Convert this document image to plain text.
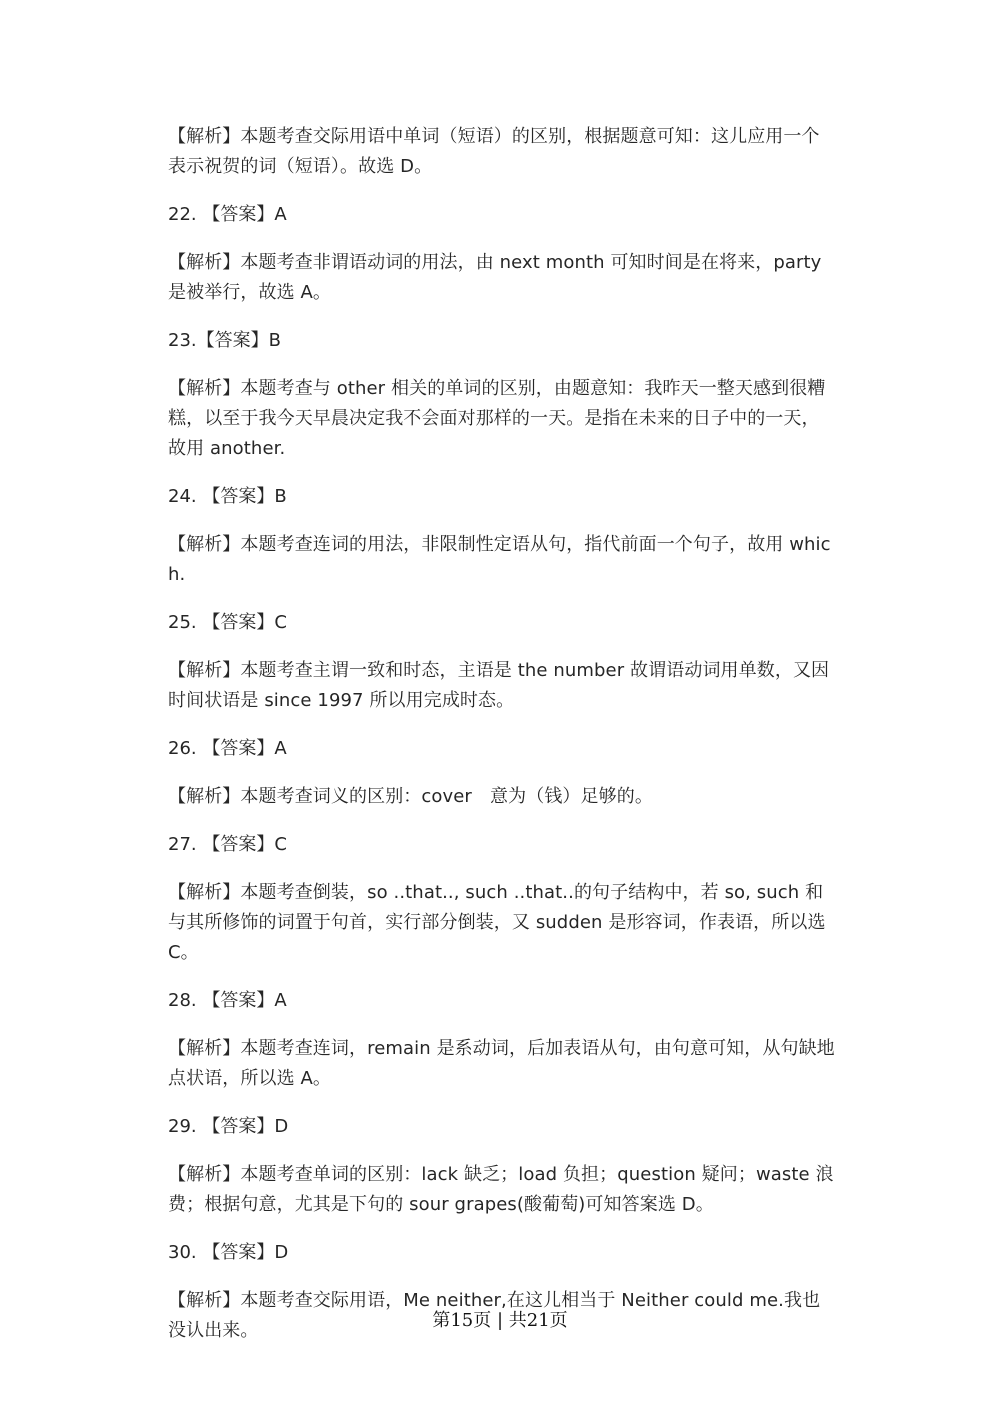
【解析】本题考查交际用语中单词（短语）的区别，根据题意可知：这儿应用一个表示祝贺的词（短语）。故选 D。

22. 【答案】A

【解析】本题考查非谓语动词的用法，由 next month 可知时间是在将来，party 是被举行，故选 A。

23.【答案】B

【解析】本题考查与 other 相关的单词的区别，由题意知：我昨天一整天感到很糟糕，以至于我今天早晨决定我不会面对那样的一天。是指在未来的日子中的一天，故用 another.

24. 【答案】B

【解析】本题考查连词的用法，非限制性定语从句，指代前面一个句子，故用 which.

25. 【答案】C

【解析】本题考查主谓一致和时态，主语是 the number 故谓语动词用单数，又因时间状语是 since 1997 所以用完成时态。

26. 【答案】A

【解析】本题考查词义的区别：cover　意为（钱）足够的。

27. 【答案】C

【解析】本题考查倒装，so ..that.., such ..that..的句子结构中，若 so, such 和与其所修饰的词置于句首，实行部分倒装，又 sudden 是形容词，作表语，所以选 C。

28. 【答案】A

【解析】本题考查连词，remain 是系动词，后加表语从句，由句意可知，从句缺地点状语，所以选 A。

29. 【答案】D

【解析】本题考查单词的区别：lack 缺乏；load 负担；question 疑问；waste 浪费；根据句意，尤其是下句的 sour grapes(酸葡萄)可知答案选 D。

30. 【答案】D

【解析】本题考查交际用语，Me neither,在这儿相当于 Neither could me.我也没认出来。	第15页 | 共21页
